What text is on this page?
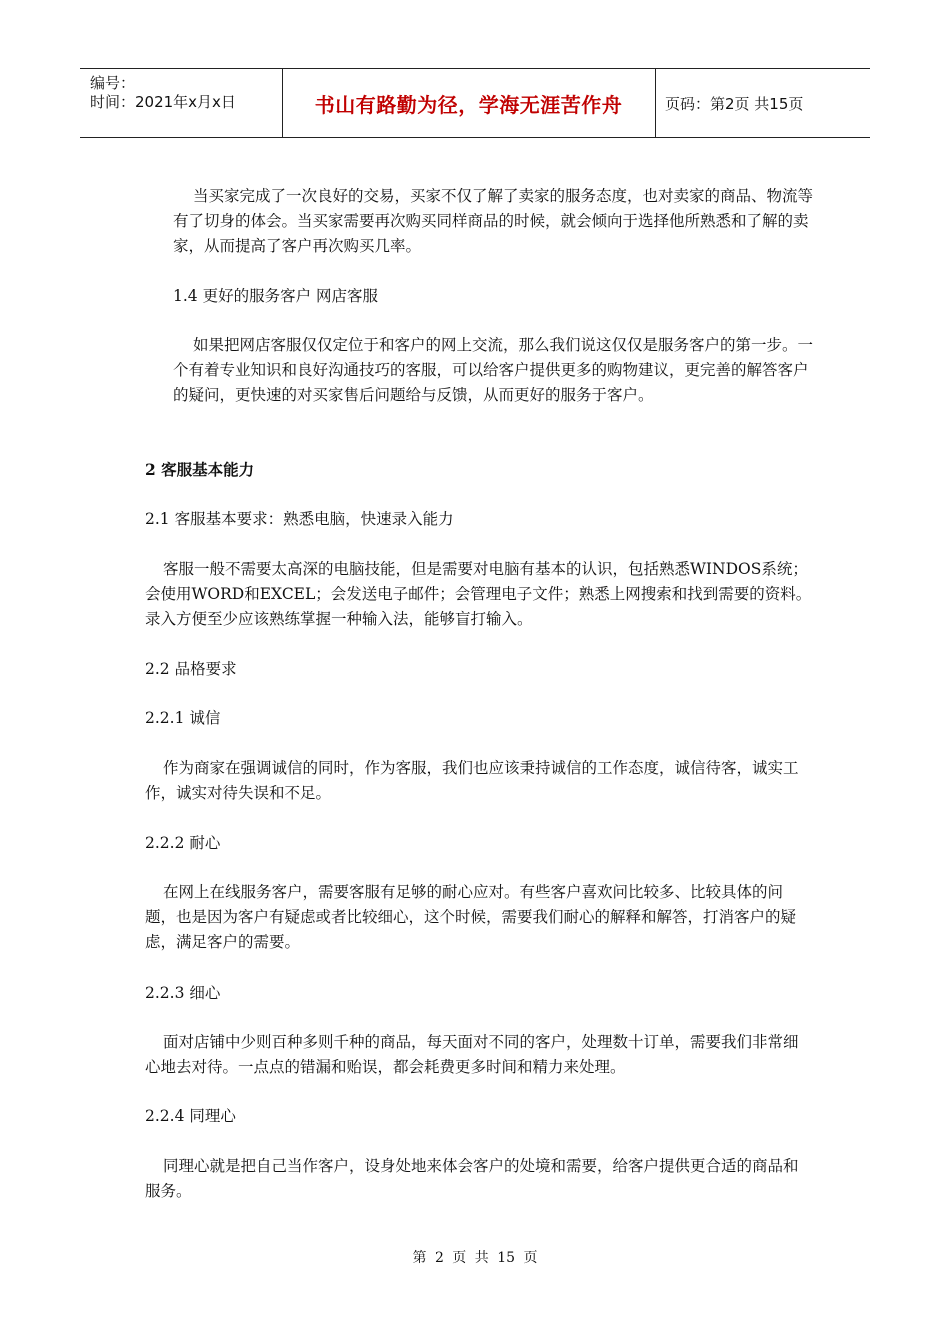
编号：
时间：2021年x月x日	书山有路勤为径，学海无涯苦作舟	页码：第2页 共15页

当买家完成了一次良好的交易，买家不仅了解了卖家的服务态度，也对卖家的商品、物流等有了切身的体会。当买家需要再次购买同样商品的时候，就会倾向于选择他所熟悉和了解的卖家，从而提高了客户再次购买几率。

1.4 更好的服务客户 网店客服

如果把网店客服仅仅定位于和客户的网上交流，那么我们说这仅仅是服务客户的第一步。一个有着专业知识和良好沟通技巧的客服，可以给客户提供更多的购物建议，更完善的解答客户的疑问，更快速的对买家售后问题给与反馈，从而更好的服务于客户。

2 客服基本能力
2.1 客服基本要求：熟悉电脑，快速录入能力

客服一般不需要太高深的电脑技能，但是需要对电脑有基本的认识，包括熟悉WINDOS系统；会使用WORD和EXCEL；会发送电子邮件；会管理电子文件；熟悉上网搜索和找到需要的资料。录入方便至少应该熟练掌握一种输入法，能够盲打输入。

2.2 品格要求
2.2.1 诚信

作为商家在强调诚信的同时，作为客服，我们也应该秉持诚信的工作态度，诚信待客，诚实工作，诚实对待失误和不足。

2.2.2 耐心

在网上在线服务客户，需要客服有足够的耐心应对。有些客户喜欢问比较多、比较具体的问题，也是因为客户有疑虑或者比较细心，这个时候，需要我们耐心的解释和解答，打消客户的疑虑，满足客户的需要。

2.2.3 细心

面对店铺中少则百种多则千种的商品，每天面对不同的客户，处理数十订单，需要我们非常细心地去对待。一点点的错漏和贻误，都会耗费更多时间和精力来处理。

2.2.4 同理心

同理心就是把自己当作客户，设身处地来体会客户的处境和需要，给客户提供更合适的商品和服务。

第 2 页 共 15 页
